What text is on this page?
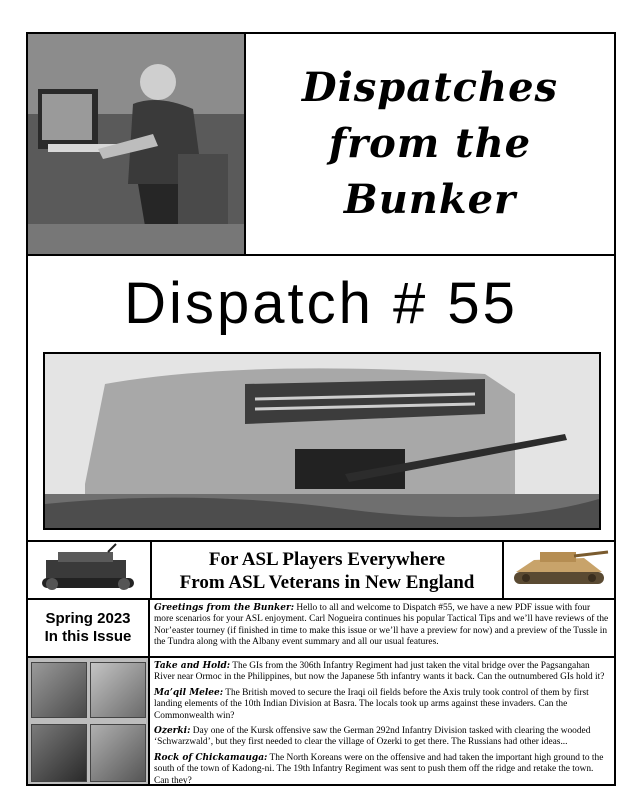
Dispatches
from the
Bunker
Dispatch # 55
For ASL Players Everywhere
From ASL Veterans in New England
Spring 2023
In this Issue

Greetings from the Bunker: Hello to all and welcome to Dispatch #55, we have a new PDF issue with four more scenarios for your ASL enjoyment. Carl Nogueira continues his popular Tactical Tips and we’ll have reviews of the Nor’easter tourney (if finished in time to make this issue or we’ll have a preview for now) and a preview of the Tussle in the Tundra along with the Albany event summary and all our usual features.

Take and Hold: The GIs from the 306th Infantry Regiment had just taken the vital bridge over the Pagsangahan River near Ormoc in the Philippines, but now the Japanese 5th infantry wants it back. Can the outnumbered GIs hold it?

Ma’qil Melee: The British moved to secure the Iraqi oil fields before the Axis truly took control of them by first landing elements of the 10th Indian Division at Basra. The locals took up arms against these invaders. Can the Commonwealth win?

Ozerki: Day one of the Kursk offensive saw the German 292nd Infantry Division tasked with clearing the wooded ‘Schwarzwald’, but they first needed to clear the village of Ozerki to get there. The Russians had other ideas...

Rock of Chickamauga: The North Koreans were on the offensive and had taken the important high ground to the south of the town of Kadong-ni. The 19th Infantry Regiment was sent to push them off the ridge and retake the town. Can they?
